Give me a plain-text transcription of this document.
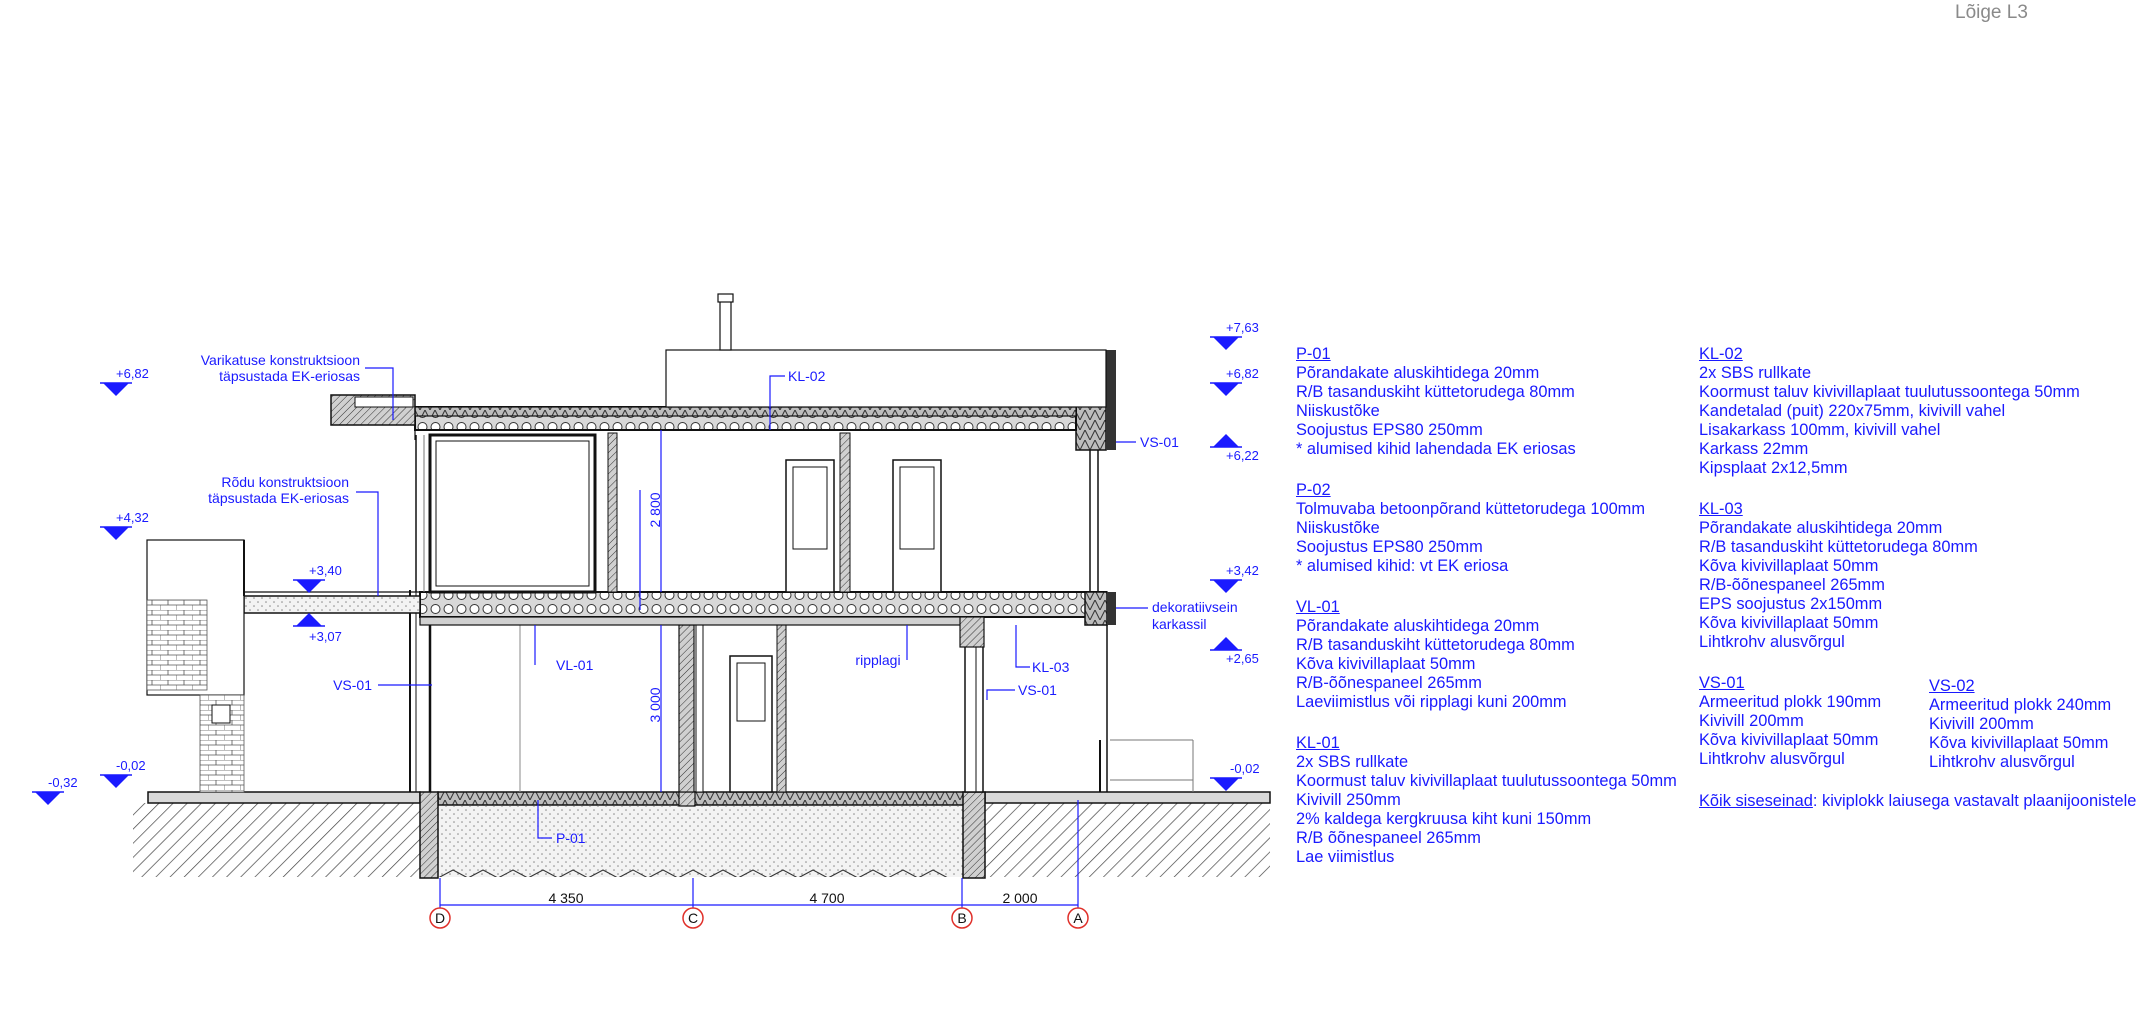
Lõige L3
+6,82
+4,32
-0,02
-0,32
+3,40
+3,07
+7,63
+6,82
+6,22
+3,42
+2,65
-0,02
Varikatuse konstruktsioon
täpsustada EK-eriosas
Rõdu konstruktsioon
täpsustada EK-eriosas
KL-02
VS-01
dekoratiivsein
karkassil
VL-01
VS-01
ripplagi	KL-03
VS-01
P-01
2 800
3 000
4 350	4 700	2 000
D	C	B	A
P-01
Põrandakate aluskihtidega 20mm
R/B tasanduskiht küttetorudega 80mm
Niiskustõke
Soojustus EPS80 250mm
* alumised kihid lahendada EK eriosas
P-02
Tolmuvaba betoonpõrand küttetorudega 100mm
Niiskustõke
Soojustus EPS80 250mm
* alumised kihid: vt EK eriosa
VL-01
Põrandakate aluskihtidega 20mm
R/B tasanduskiht küttetorudega 80mm
Kõva kivivillaplaat 50mm
R/B-õõnespaneel 265mm
Laeviimistlus või ripplagi kuni 200mm
KL-01
2x SBS rullkate
Koormust taluv kivivillaplaat tuulutussoontega 50mm
Kivivill 250mm
2% kaldega kergkruusa kiht kuni 150mm
R/B õõnespaneel 265mm
Lae viimistlus
KL-02
2x SBS rullkate
Koormust taluv kivivillaplaat tuulutussoontega 50mm
Kandetalad (puit) 220x75mm, kivivill vahel
Lisakarkass 100mm, kivivill vahel
Karkass 22mm
Kipsplaat 2x12,5mm
KL-03
Põrandakate aluskihtidega 20mm
R/B tasanduskiht küttetorudega 80mm
Kõva kivivillaplaat 50mm
R/B-õõnespaneel 265mm
EPS soojustus 2x150mm
Kõva kivivillaplaat 50mm
Lihtkrohv alusvõrgul
VS-01
Armeeritud plokk 190mm
Kivivill 200mm
Kõva kivivillaplaat 50mm
Lihtkrohv alusvõrgul
VS-02
Armeeritud plokk 240mm
Kivivill 200mm
Kõva kivivillaplaat 50mm
Lihtkrohv alusvõrgul
Kõik siseseinad: kiviplokk laiusega vastavalt plaanijoonistele
